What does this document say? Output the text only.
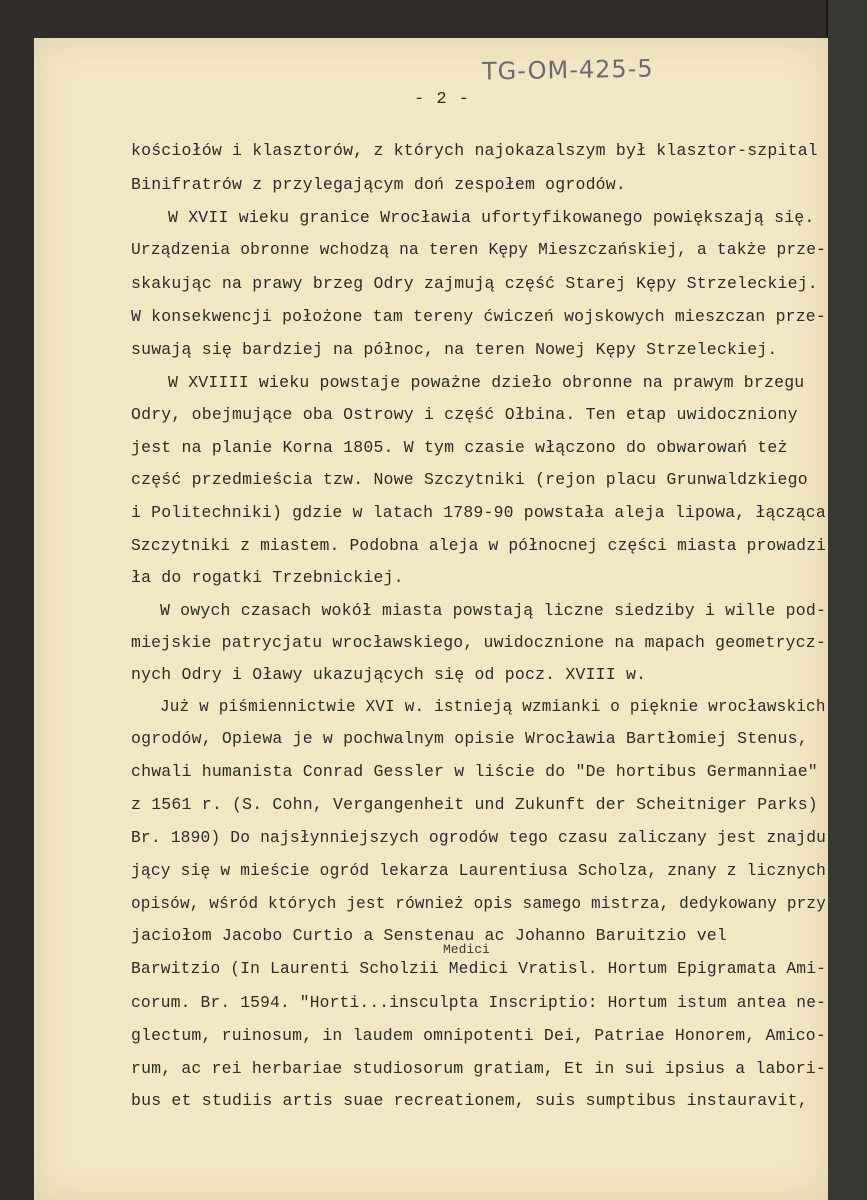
TG-OM-425-5
- 2 -
kościołów i klasztorów, z których najokazalszym był klasztor-szpital
Binifratrów z przylegającym doń zespołem ogrodów.
W XVII wieku granice Wrocławia ufortyfikowanego powiększają się.
Urządzenia obronne wchodzą na teren Kępy Mieszczańskiej, a także prze-
skakując na prawy brzeg Odry zajmują część Starej Kępy Strzeleckiej.
W konsekwencji położone tam tereny ćwiczeń wojskowych mieszczan prze-
suwają się bardziej na północ, na teren Nowej Kępy Strzeleckiej.
W XVIIII wieku powstaje poważne dzieło obronne na prawym brzegu
Odry, obejmujące oba Ostrowy i część Ołbina. Ten etap uwidoczniony
jest na planie Korna 1805. W tym czasie włączono do obwarowań też
część przedmieścia tzw. Nowe Szczytniki (rejon placu Grunwaldzkiego
i Politechniki) gdzie w latach 1789-90 powstała aleja lipowa, łącząca
Szczytniki z miastem. Podobna aleja w północnej części miasta prowadzi
ła do rogatki Trzebnickiej.
W owych czasach wokół miasta powstają liczne siedziby i wille pod-
miejskie patrycjatu wrocławskiego, uwidocznione na mapach geometrycz-
nych Odry i Oławy ukazujących się od pocz. XVIII w.
Już w piśmiennictwie XVI w. istnieją wzmianki o pięknie wrocławskich
ogrodów, Opiewa je w pochwalnym opisie Wrocławia Bartłomiej Stenus,
chwali humanista Conrad Gessler w liście do "De hortibus Germanniae"
z 1561 r. (S. Cohn, Vergangenheit und Zukunft der Scheitniger Parks)
Br. 1890) Do najsłynniejszych ogrodów tego czasu zaliczany jest znajdu
jący się w mieście ogród lekarza Laurentiusa Scholza, znany z licznych
opisów, wśród których jest również opis samego mistrza, dedykowany przy
jaciołom Jacobo Curtio a Senstenau ac Johanno Baruitzio vel
Medici
Barwitzio (In Laurenti Scholzii Medici Vratisl. Hortum Epigramata Ami-
corum. Br. 1594. "Horti...insculpta Inscriptio: Hortum istum antea ne-
glectum, ruinosum, in laudem omnipotenti Dei, Patriae Honorem, Amico-
rum, ac rei herbariae studiosorum gratiam, Et in sui ipsius a labori-
bus et studiis artis suae recreationem, suis sumptibus instauravit,
